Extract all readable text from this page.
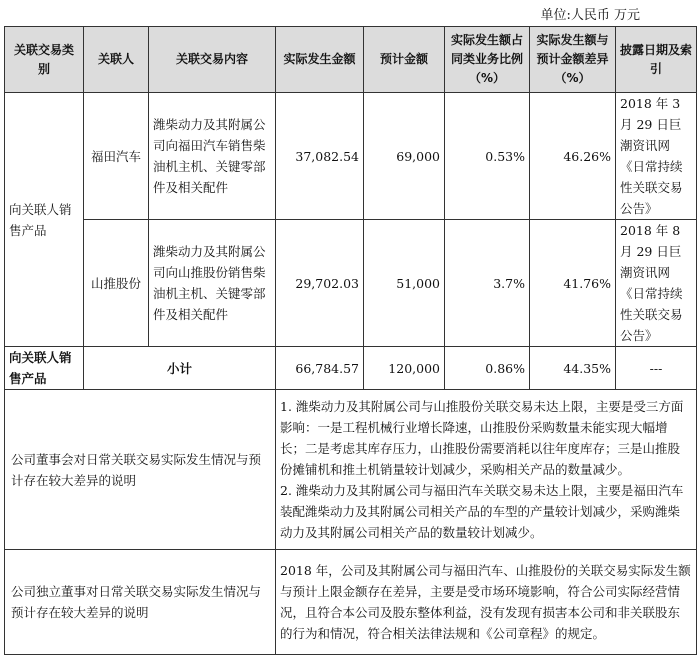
单位:人民币 万元
关联交易类别	关联人	关联交易内容	实际发生金额	预计金额	实际发生额占同类业务比例（%）	实际发生额与预计金额差异（%）	披露日期及索引
向关联人销售产品	福田汽车	潍柴动力及其附属公司向福田汽车销售柴油机主机、关键零部件及相关配件	37,082.54	69,000	0.53%	46.26%	2018 年 3 月 29 日巨潮资讯网《日常持续性关联交易公告》
	山推股份	潍柴动力及其附属公司向山推股份销售柴油机主机、关键零部件及相关配件	29,702.03	51,000	3.7%	41.76%	2018 年 8 月 29 日巨潮资讯网《日常持续性关联交易公告》
向关联人销售产品	小计		66,784.57	120,000	0.86%	44.35%	---
公司董事会对日常关联交易实际发生情况与预计存在较大差异的说明			1. 潍柴动力及其附属公司与山推股份关联交易未达上限，主要是受三方面影响：一是工程机械行业增长降速，山推股份采购数量未能实现大幅增长；二是考虑其库存压力，山推股份需要消耗以往年度库存；三是山推股份摊铺机和推土机销量较计划减少，采购相关产品的数量减少。
2. 潍柴动力及其附属公司与福田汽车关联交易未达上限，主要是福田汽车装配潍柴动力及其附属公司相关产品的车型的产量较计划减少，采购潍柴动力及其附属公司相关产品的数量较计划减少。				

公司独立董事对日常关联交易实际发生情况与预计存在较大差异的说明			2018 年，公司及其附属公司与福田汽车、山推股份的关联交易实际发生额与预计上限金额存在差异，主要是受市场环境影响，符合公司实际经营情况，且符合本公司及股东整体利益，没有发现有损害本公司和非关联股东的行为和情况，符合相关法律法规和《公司章程》的规定。				
